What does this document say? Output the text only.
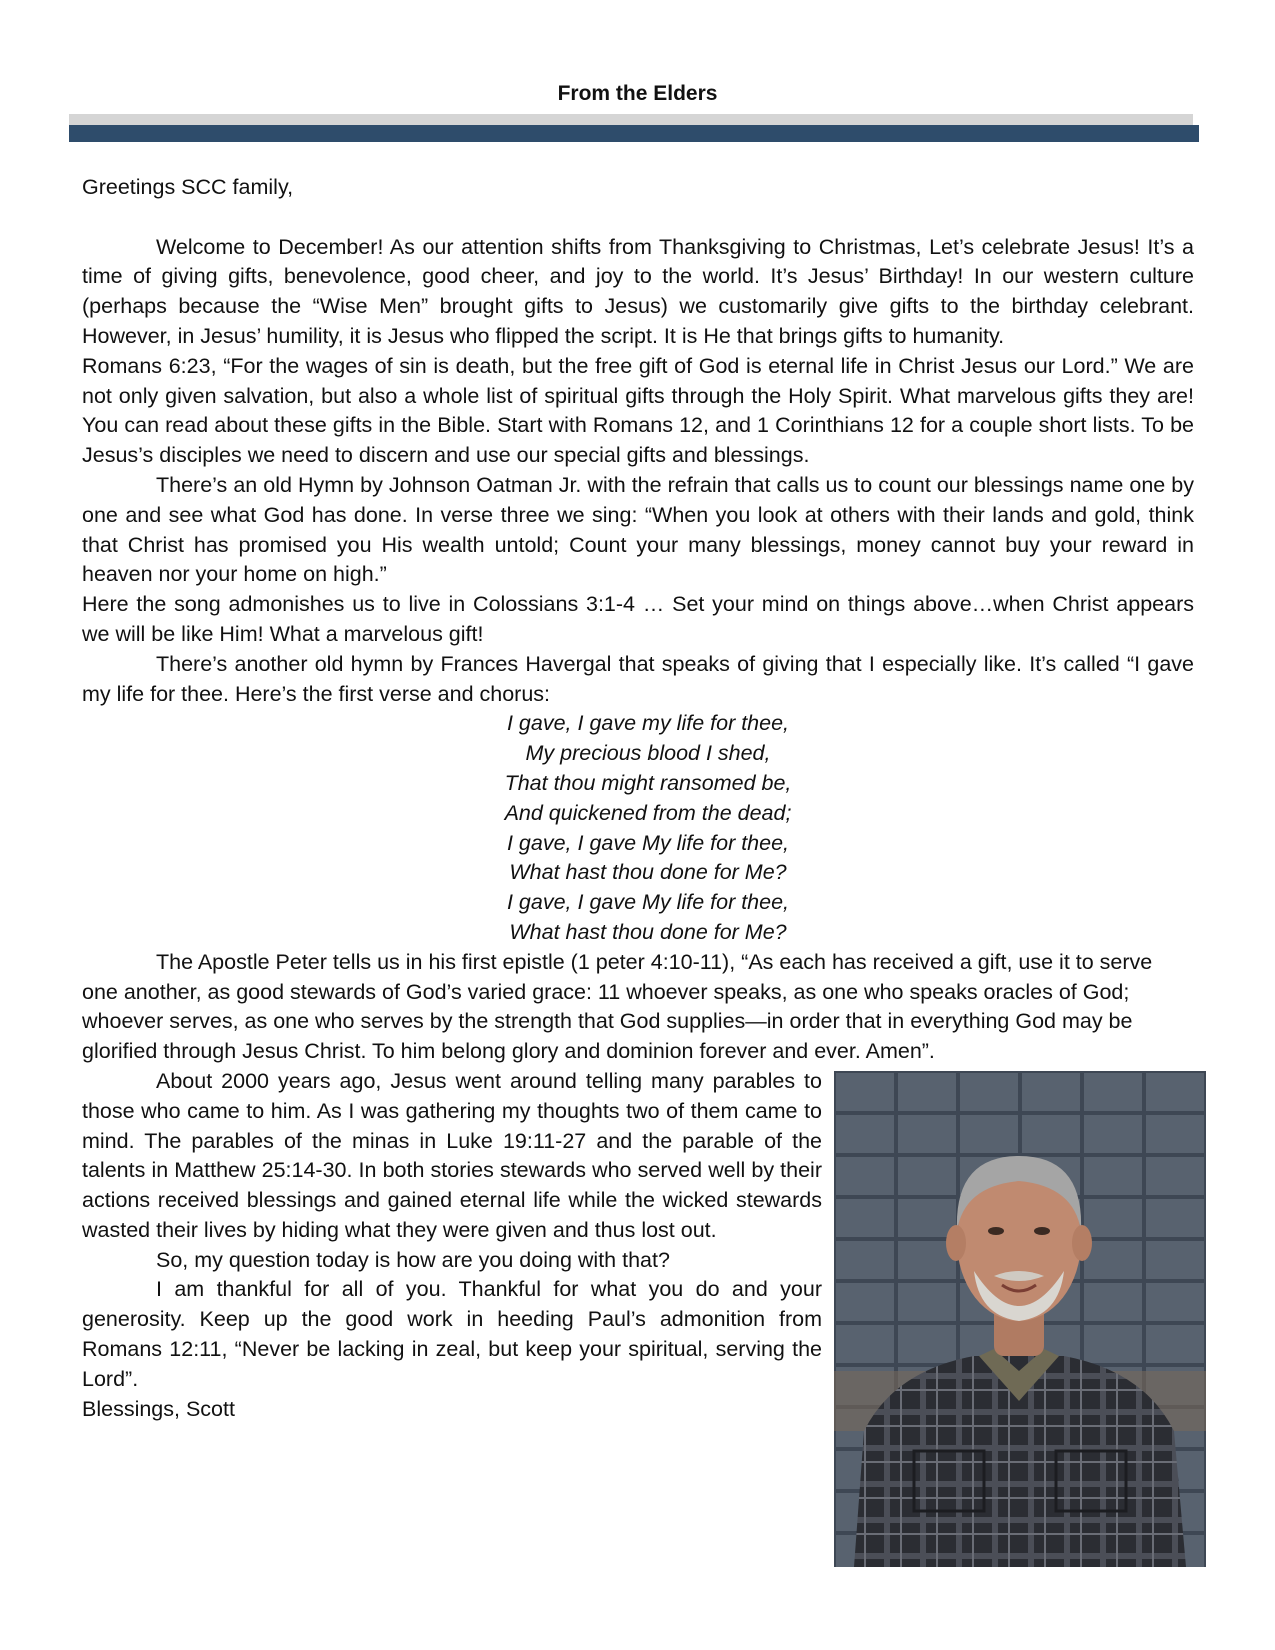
From the Elders

Greetings SCC family,

Welcome to December! As our attention shifts from Thanksgiving to Christmas, Let’s celebrate Jesus! It’s a time of giving gifts, benevolence, good cheer, and joy to the world. It’s Jesus’ Birthday! In our western culture (perhaps because the “Wise Men” brought gifts to Jesus) we customarily give gifts to the birthday celebrant. However, in Jesus’ humility, it is Jesus who flipped the script. It is He that brings gifts to humanity.

Romans 6:23, “For the wages of sin is death, but the free gift of God is eternal life in Christ Jesus our Lord.” We are not only given salvation, but also a whole list of spiritual gifts through the Holy Spirit. What marvelous gifts they are! You can read about these gifts in the Bible. Start with Romans 12, and 1 Corinthians 12 for a couple short lists. To be Jesus’s disciples we need to discern and use our special gifts and blessings.

There’s an old Hymn by Johnson Oatman Jr. with the refrain that calls us to count our blessings name one by one and see what God has done. In verse three we sing: “When you look at others with their lands and gold, think that Christ has promised you His wealth untold; Count your many blessings, money cannot buy your reward in heaven nor your home on high.”

Here the song admonishes us to live in Colossians 3:1-4 … Set your mind on things above…when Christ appears we will be like Him! What a marvelous gift!

There’s another old hymn by Frances Havergal that speaks of giving that I especially like. It’s called “I gave my life for thee. Here’s the first verse and chorus:

I gave, I gave my life for thee,
My precious blood I shed,
That thou might ransomed be,
And quickened from the dead;
I gave, I gave My life for thee,
What hast thou done for Me?
I gave, I gave My life for thee,
What hast thou done for Me?

The Apostle Peter tells us in his first epistle (1 peter 4:10-11), “As each has received a gift, use it to serve one another, as good stewards of God’s varied grace: 11 whoever speaks, as one who speaks oracles of God; whoever serves, as one who serves by the strength that God supplies—in order that in everything God may be glorified through Jesus Christ. To him belong glory and dominion forever and ever. Amen”.

About 2000 years ago, Jesus went around telling many parables to those who came to him. As I was gathering my thoughts two of them came to mind. The parables of the minas in Luke 19:11-27 and the parable of the talents in Matthew 25:14-30. In both stories stewards who served well by their actions received blessings and gained eternal life while the wicked stewards wasted their lives by hiding what they were given and thus lost out.

So, my question today is how are you doing with that?

I am thankful for all of you. Thankful for what you do and your generosity. Keep up the good work in heeding Paul’s admonition from Romans 12:11, “Never be lacking in zeal, but keep your spiritual, serving the Lord”.

Blessings, Scott
